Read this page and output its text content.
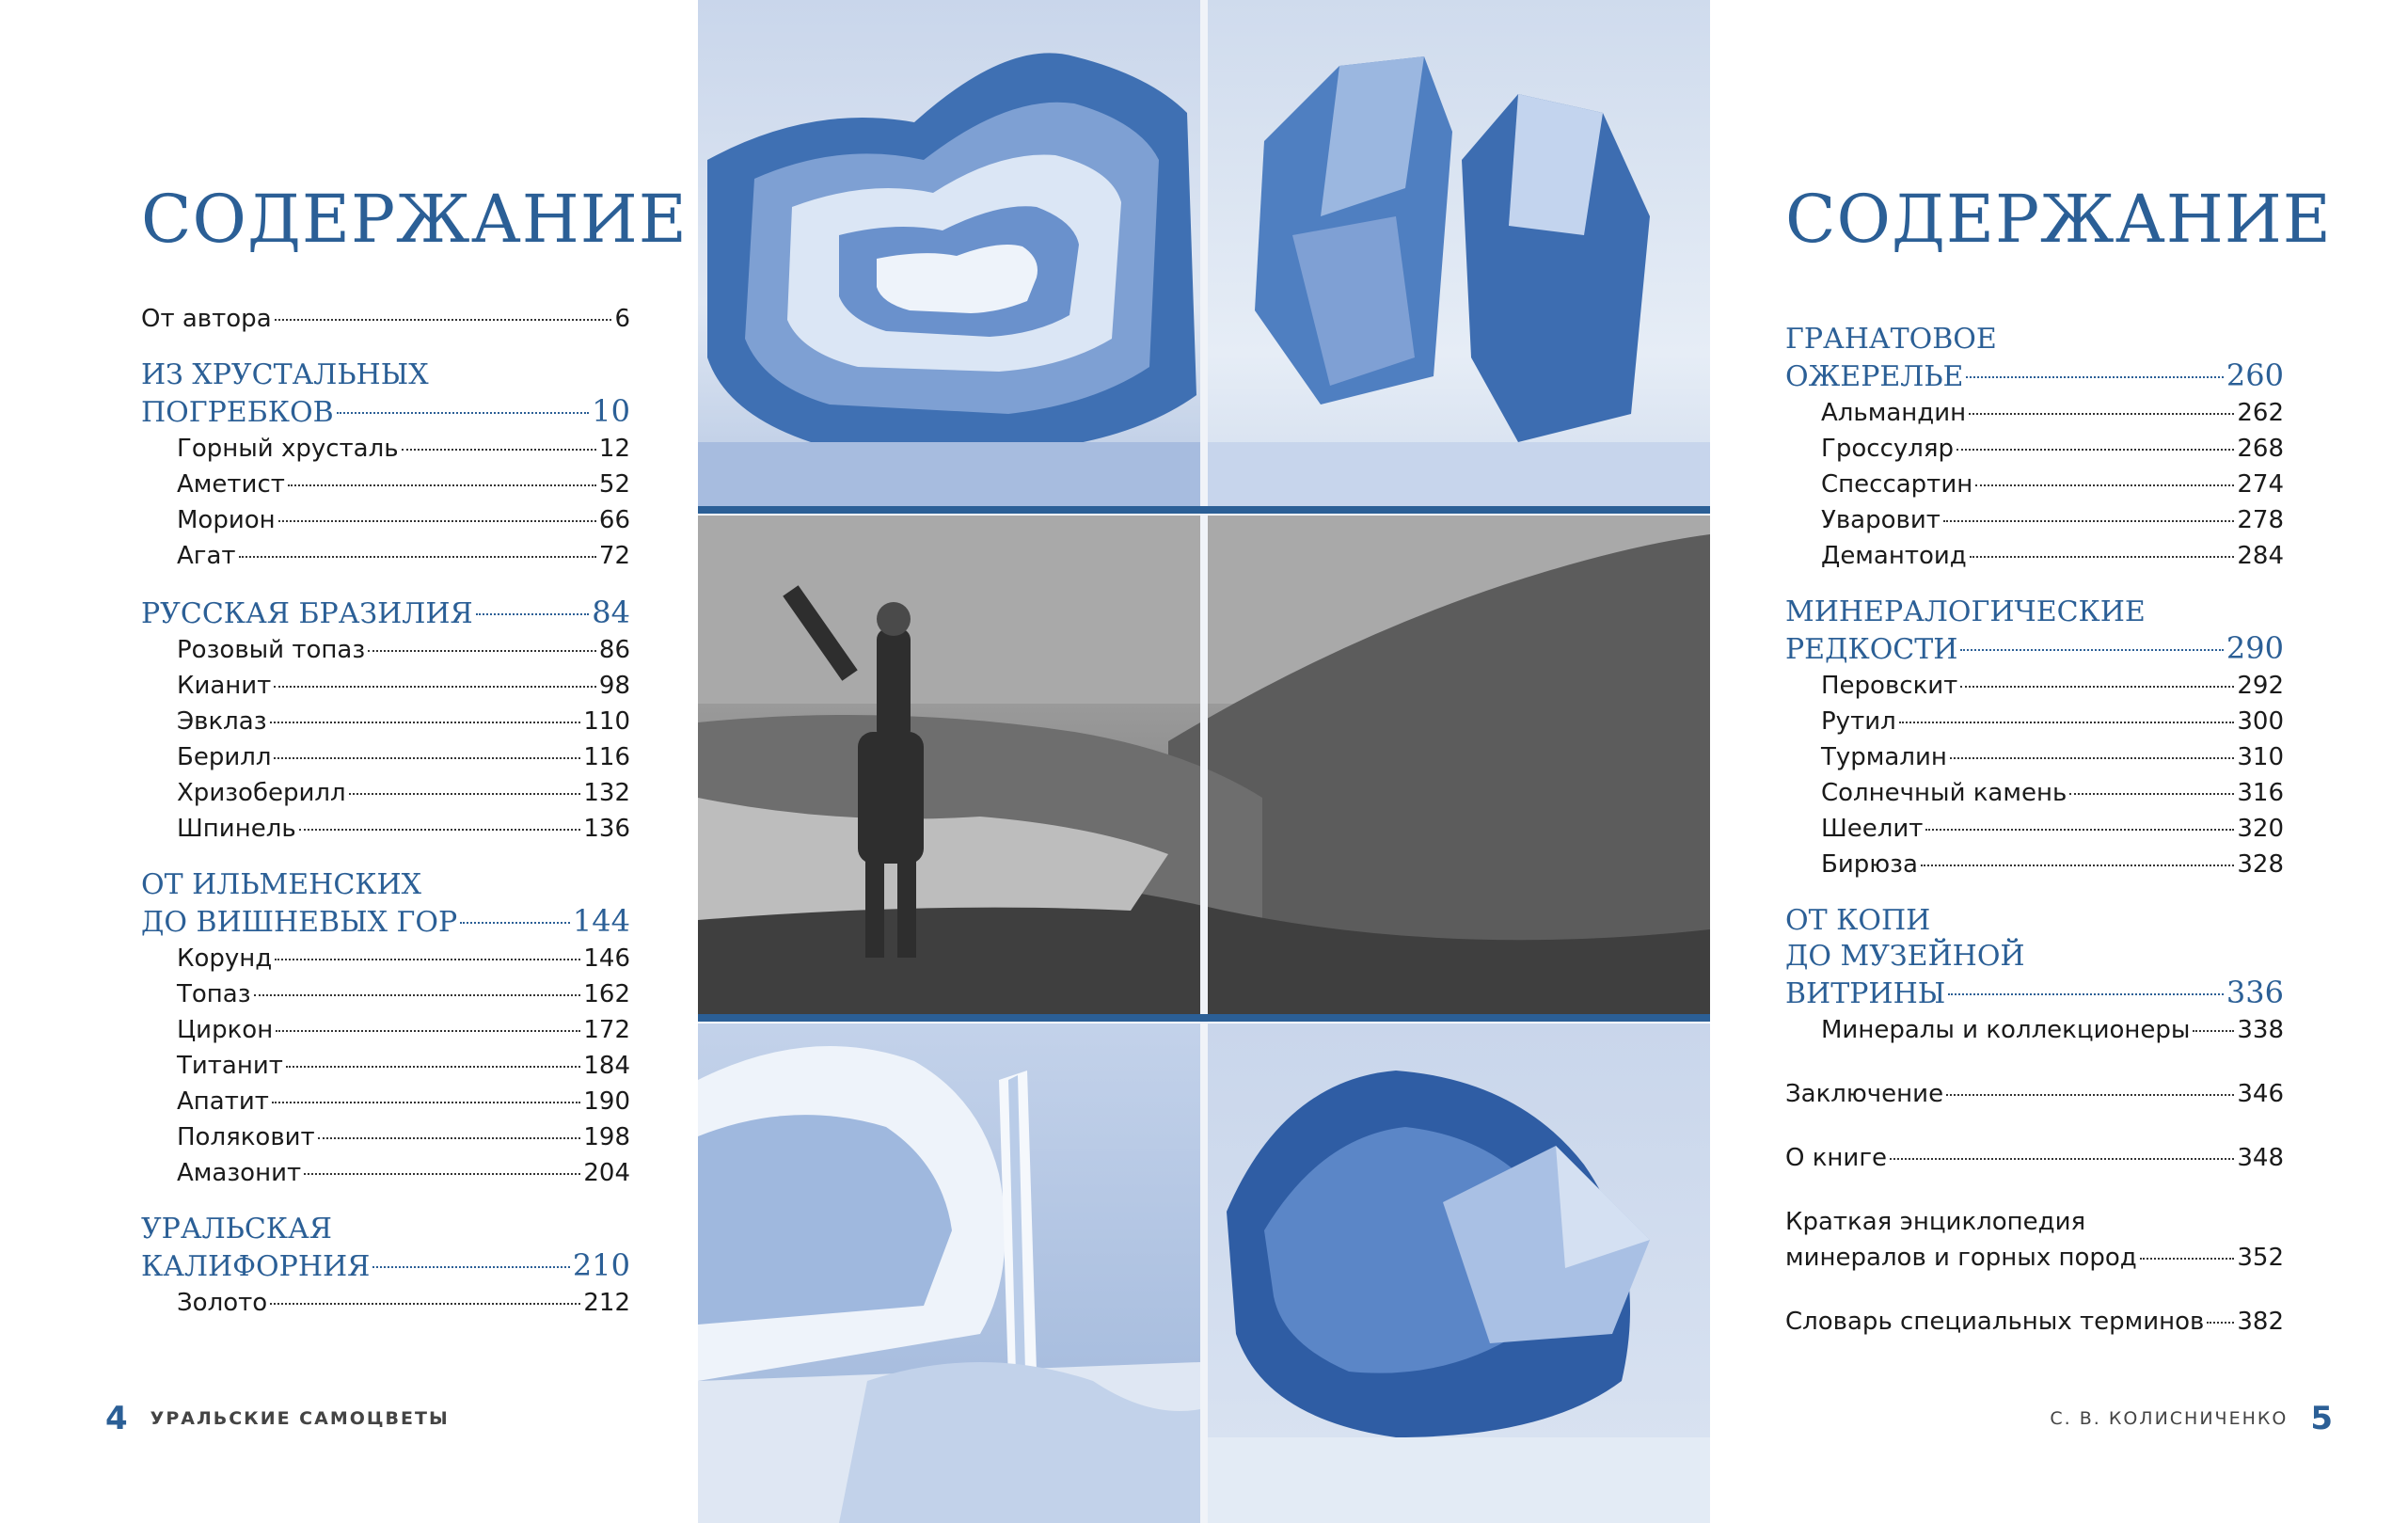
СОДЕРЖАНИЕ
От автора	6
ИЗ ХРУСТАЛЬНЫХ
ПОГРЕБКОВ	10
Горный хрусталь	12
Аметист	52
Морион	66
Агат	72
РУССКАЯ БРАЗИЛИЯ	84
Розовый топаз	86
Кианит	98
Эвклаз	110
Берилл	116
Хризоберилл	132
Шпинель	136
ОТ ИЛЬМЕНСКИХ
ДО ВИШНЕВЫХ ГОР	144
Корунд	146
Топаз	162
Циркон	172
Титанит	184
Апатит	190
Поляковит	198
Амазонит	204
УРАЛЬСКАЯ
КАЛИФОРНИЯ	210
Золото	212
4 УРАЛЬСКИЕ САМОЦВЕТЫ
СОДЕРЖАНИЕ
ГРАНАТОВОЕ
ОЖЕРЕЛЬЕ	260
Альмандин	262
Гроссуляр	268
Спессартин	274
Уваровит	278
Демантоид	284
МИНЕРАЛОГИЧЕСКИЕ
РЕДКОСТИ	290
Перовскит	292
Рутил	300
Турмалин	310
Солнечный камень	316
Шеелит	320
Бирюза	328
ОТ КОПИ
ДО МУЗЕЙНОЙ
ВИТРИНЫ	336
Минералы и коллекционеры 338
Заключение	346
О книге	348
Краткая энциклопедия
минералов и горных пород	352
Словарь специальных терминов 382
С. В. КОЛИСНИЧЕНКО 5
